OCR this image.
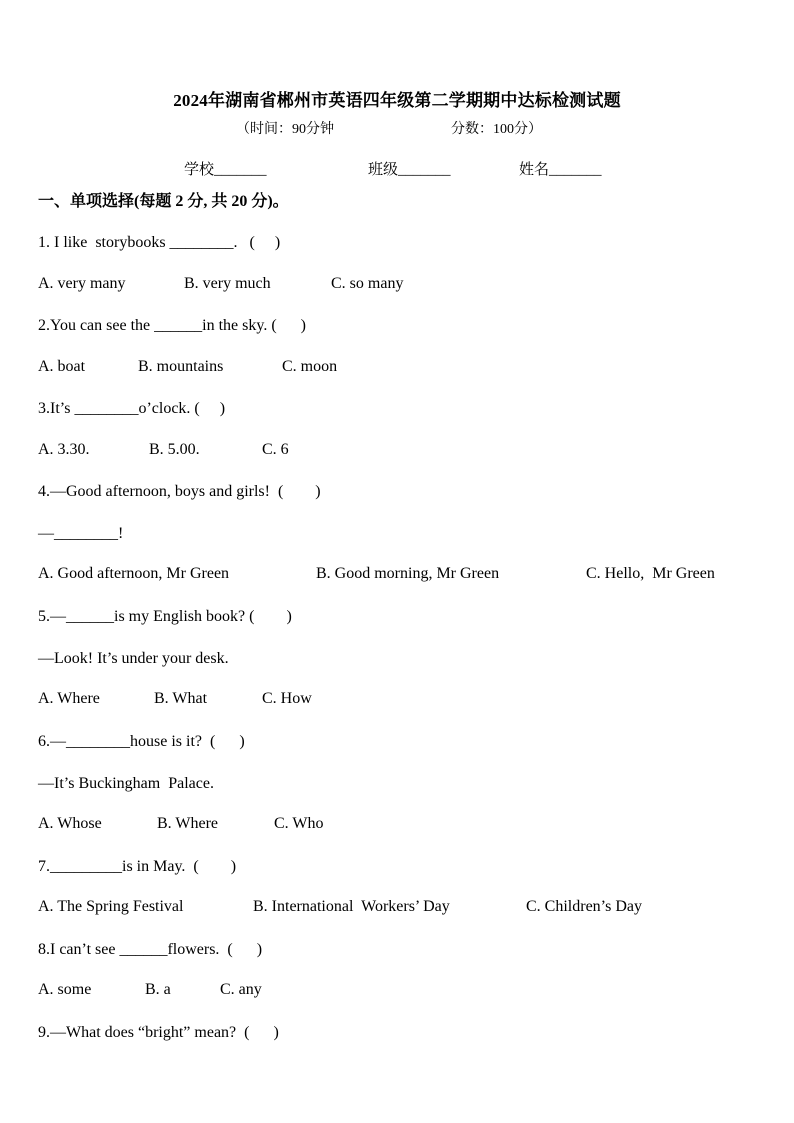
2024年湖南省郴州市英语四年级第二学期期中达标检测试题
（时间：90分钟	分数：100分）
学校_______	班级_______	姓名_______
一、单项选择(每题 2 分, 共 20 分)。
1. I like  storybooks ________.   (     )
A. very many	B. very much	C. so many
2.You can see the ______in the sky. (      )
A. boat	B. mountains	C. moon
3.It’s ________o’clock. (     )
A. 3.30.	B. 5.00.	C. 6
4.—Good afternoon, boys and girls!  (        )
—________!
A. Good afternoon, Mr Green	B. Good morning, Mr Green	C. Hello,  Mr Green
5.—______is my English book? (        )
—Look! It’s under your desk.
A. Where	B. What	C. How
6.—________house is it?  (      )
—It’s Buckingham  Palace.
A. Whose	B. Where	C. Who
7._________is in May.  (        )
A. The Spring Festival	B. International  Workers’ Day	C. Children’s Day
8.I can’t see ______flowers.  (      )
A. some	B. a	C. any
9.—What does “bright” mean?  (      )
